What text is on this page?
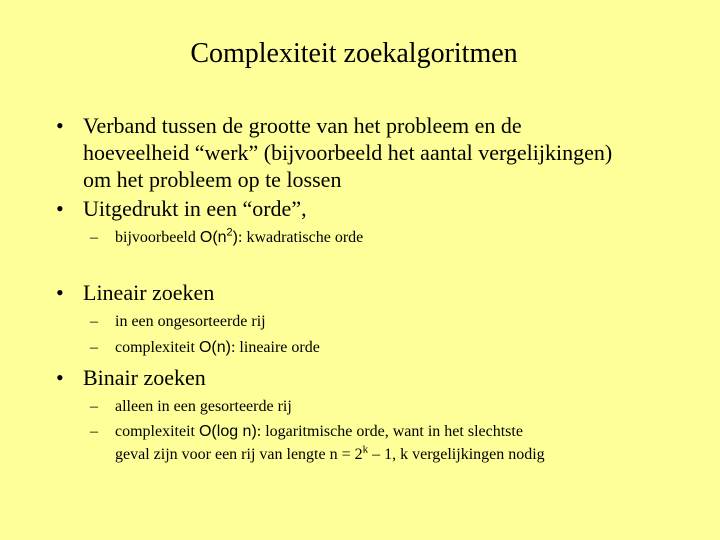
Complexiteit zoekalgoritmen
• Verband tussen de grootte van het probleem en de
hoeveelheid “werk” (bijvoorbeeld het aantal vergelijkingen)
om het probleem op te lossen
• Uitgedrukt in een “orde”,
– bijvoorbeeld $O(n^2)$: kwadratische orde
• Lineair zoeken
– in een ongesorteerde rij
– complexiteit O(n): lineaire orde
• Binair zoeken
– alleen in een gesorteerde rij
– complexiteit O(log n): logaritmische orde, want in het slechtste
geval zijn voor een rij van lengte $n = 2^k - 1$, k vergelijkingen nodig
